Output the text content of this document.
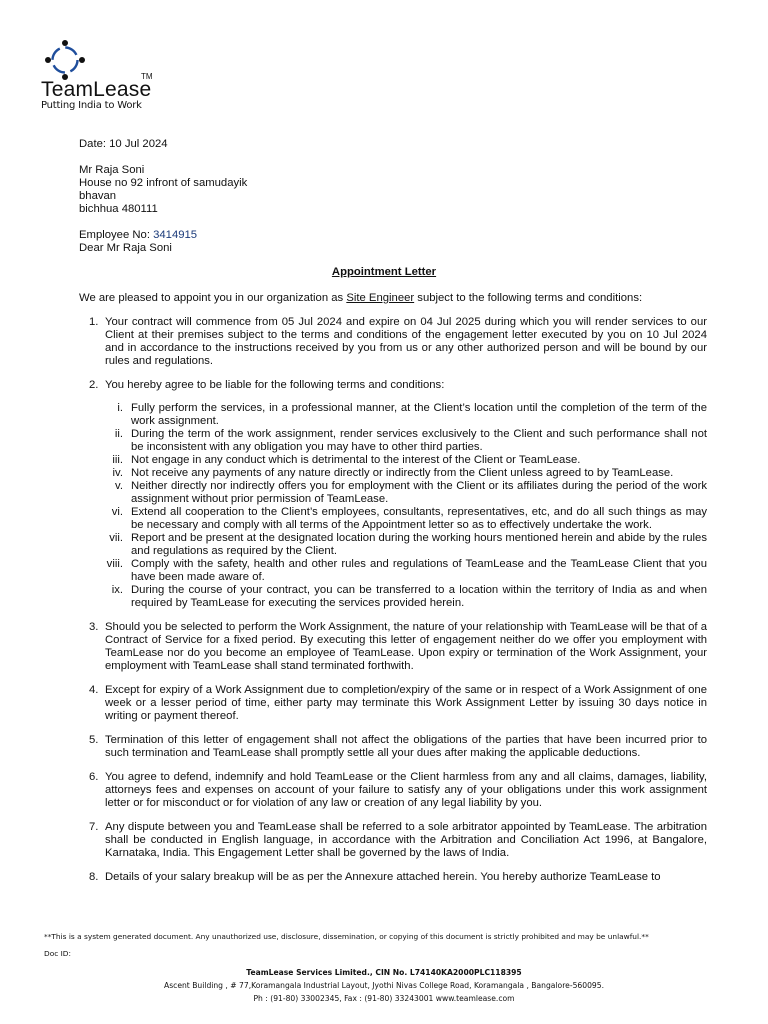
TeamLease
TM
Putting India to Work
Date: 10 Jul 2024
Mr Raja Soni
House no 92 infront of samudayik
bhavan
bichhua 480111
Employee No: 3414915
Dear Mr Raja Soni
Appointment Letter
We are pleased to appoint you in our organization as Site Engineer subject to the following terms and conditions:
1. Your contract will commence from 05 Jul 2024 and expire on 04 Jul 2025 during which you will render services to our Client at their premises subject to the terms and conditions of the engagement letter executed by you on 10 Jul 2024 and in accordance to the instructions received by you from us or any other authorized person and will be bound by our rules and regulations.
2. You hereby agree to be liable for the following terms and conditions:
i. Fully perform the services, in a professional manner, at the Client’s location until the completion of the term of the work assignment.
ii. During the term of the work assignment, render services exclusively to the Client and such performance shall not be inconsistent with any obligation you may have to other third parties.
iii. Not engage in any conduct which is detrimental to the interest of the Client or TeamLease.
iv. Not receive any payments of any nature directly or indirectly from the Client unless agreed to by TeamLease.
v. Neither directly nor indirectly offers you for employment with the Client or its affiliates during the period of the work assignment without prior permission of TeamLease.
vi. Extend all cooperation to the Client’s employees, consultants, representatives, etc, and do all such things as may be necessary and comply with all terms of the Appointment letter so as to effectively undertake the work.
vii. Report and be present at the designated location during the working hours mentioned herein and abide by the rules and regulations as required by the Client.
viii. Comply with the safety, health and other rules and regulations of TeamLease and the TeamLease Client that you have been made aware of.
ix. During the course of your contract, you can be transferred to a location within the territory of India as and when required by TeamLease for executing the services provided herein.
3. Should you be selected to perform the Work Assignment, the nature of your relationship with TeamLease will be that of a Contract of Service for a fixed period. By executing this letter of engagement neither do we offer you employment with TeamLease nor do you become an employee of TeamLease. Upon expiry or termination of the Work Assignment, your employment with TeamLease shall stand terminated forthwith.
4. Except for expiry of a Work Assignment due to completion/expiry of the same or in respect of a Work Assignment of one week or a lesser period of time, either party may terminate this Work Assignment Letter by issuing 30 days notice in writing or payment thereof.
5. Termination of this letter of engagement shall not affect the obligations of the parties that have been incurred prior to such termination and TeamLease shall promptly settle all your dues after making the applicable deductions.
6. You agree to defend, indemnify and hold TeamLease or the Client harmless from any and all claims, damages, liability, attorneys fees and expenses on account of your failure to satisfy any of your obligations under this work assignment letter or for misconduct or for violation of any law or creation of any legal liability by you.
7. Any dispute between you and TeamLease shall be referred to a sole arbitrator appointed by TeamLease. The arbitration shall be conducted in English language, in accordance with the Arbitration and Conciliation Act 1996, at Bangalore, Karnataka, India. This Engagement Letter shall be governed by the laws of India.
8. Details of your salary breakup will be as per the Annexure attached herein. You hereby authorize TeamLease to
**This is a system generated document. Any unauthorized use, disclosure, dissemination, or copying of this document is strictly prohibited and may be unlawful.**
Doc ID:
TeamLease Services Limited., CIN No. L74140KA2000PLC118395
Ascent Building , # 77,Koramangala Industrial Layout, Jyothi Nivas College Road, Koramangala , Bangalore-560095.
Ph : (91-80) 33002345, Fax : (91-80) 33243001 www.teamlease.com
